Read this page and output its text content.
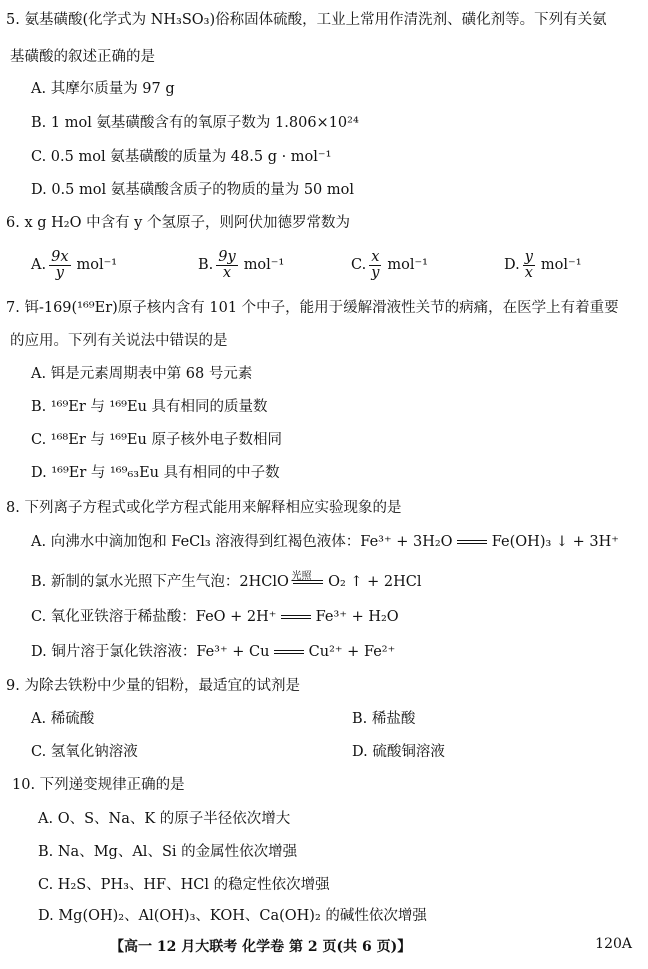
5. 氨基磺酸(化学式为 NH₃SO₃)俗称固体硫酸，工业上常用作清洗剂、磺化剂等。下列有关氨
基磺酸的叙述正确的是
A. 其摩尔质量为 97 g
B. 1 mol 氨基磺酸含有的氧原子数为 1.806×10²⁴
C. 0.5 mol 氨基磺酸的质量为 48.5 g · mol⁻¹
D. 0.5 mol 氨基磺酸含质子的物质的量为 50 mol
6. x g H₂O 中含有 y 个氢原子，则阿伏加德罗常数为
A. $\frac{9x}{y} mol^{-1}$	B. $\frac{9y}{x} mol^{-1}$	C. $\frac{x}{y} mol^{-1}$	D. $\frac{y}{x} mol^{-1}$
7. 铒-169(¹⁶⁹Er)原子核内含有 101 个中子，能用于缓解滑液性关节的病痛，在医学上有着重要
的应用。下列有关说法中错误的是
A. 铒是元素周期表中第 68 号元素
B. ¹⁶⁹Er 与 ¹⁶⁹Eu 具有相同的质量数
C. ¹⁶⁸Er 与 ¹⁶⁹Eu 原子核外电子数相同
D. ¹⁶⁹Er 与 ¹⁶⁹₆₃Eu 具有相同的中子数
8. 下列离子方程式或化学方程式能用来解释相应实验现象的是
A. 向沸水中滴加饱和 FeCl₃ 溶液得到红褐色液体：Fe³⁺ + 3H₂O	Fe(OH)₃ ↓ + 3H⁺
B. 新制的氯水光照下产生气泡：2HClO 光照 O₂ ↑ + 2HCl
C. 氧化亚铁溶于稀盐酸：FeO + 2H⁺	Fe³⁺ + H₂O
D. 铜片溶于氯化铁溶液：Fe³⁺ + Cu	Cu²⁺ + Fe²⁺
9. 为除去铁粉中少量的铝粉，最适宜的试剂是
A. 稀硫酸	B. 稀盐酸
C. 氢氧化钠溶液	D. 硫酸铜溶液
10. 下列递变规律正确的是
A. O、S、Na、K 的原子半径依次增大
B. Na、Mg、Al、Si 的金属性依次增强
C. H₂S、PH₃、HF、HCl 的稳定性依次增强
D. Mg(OH)₂、Al(OH)₃、KOH、Ca(OH)₂ 的碱性依次增强
【高一 12 月大联考 化学卷 第 2 页(共 6 页)】	120A
